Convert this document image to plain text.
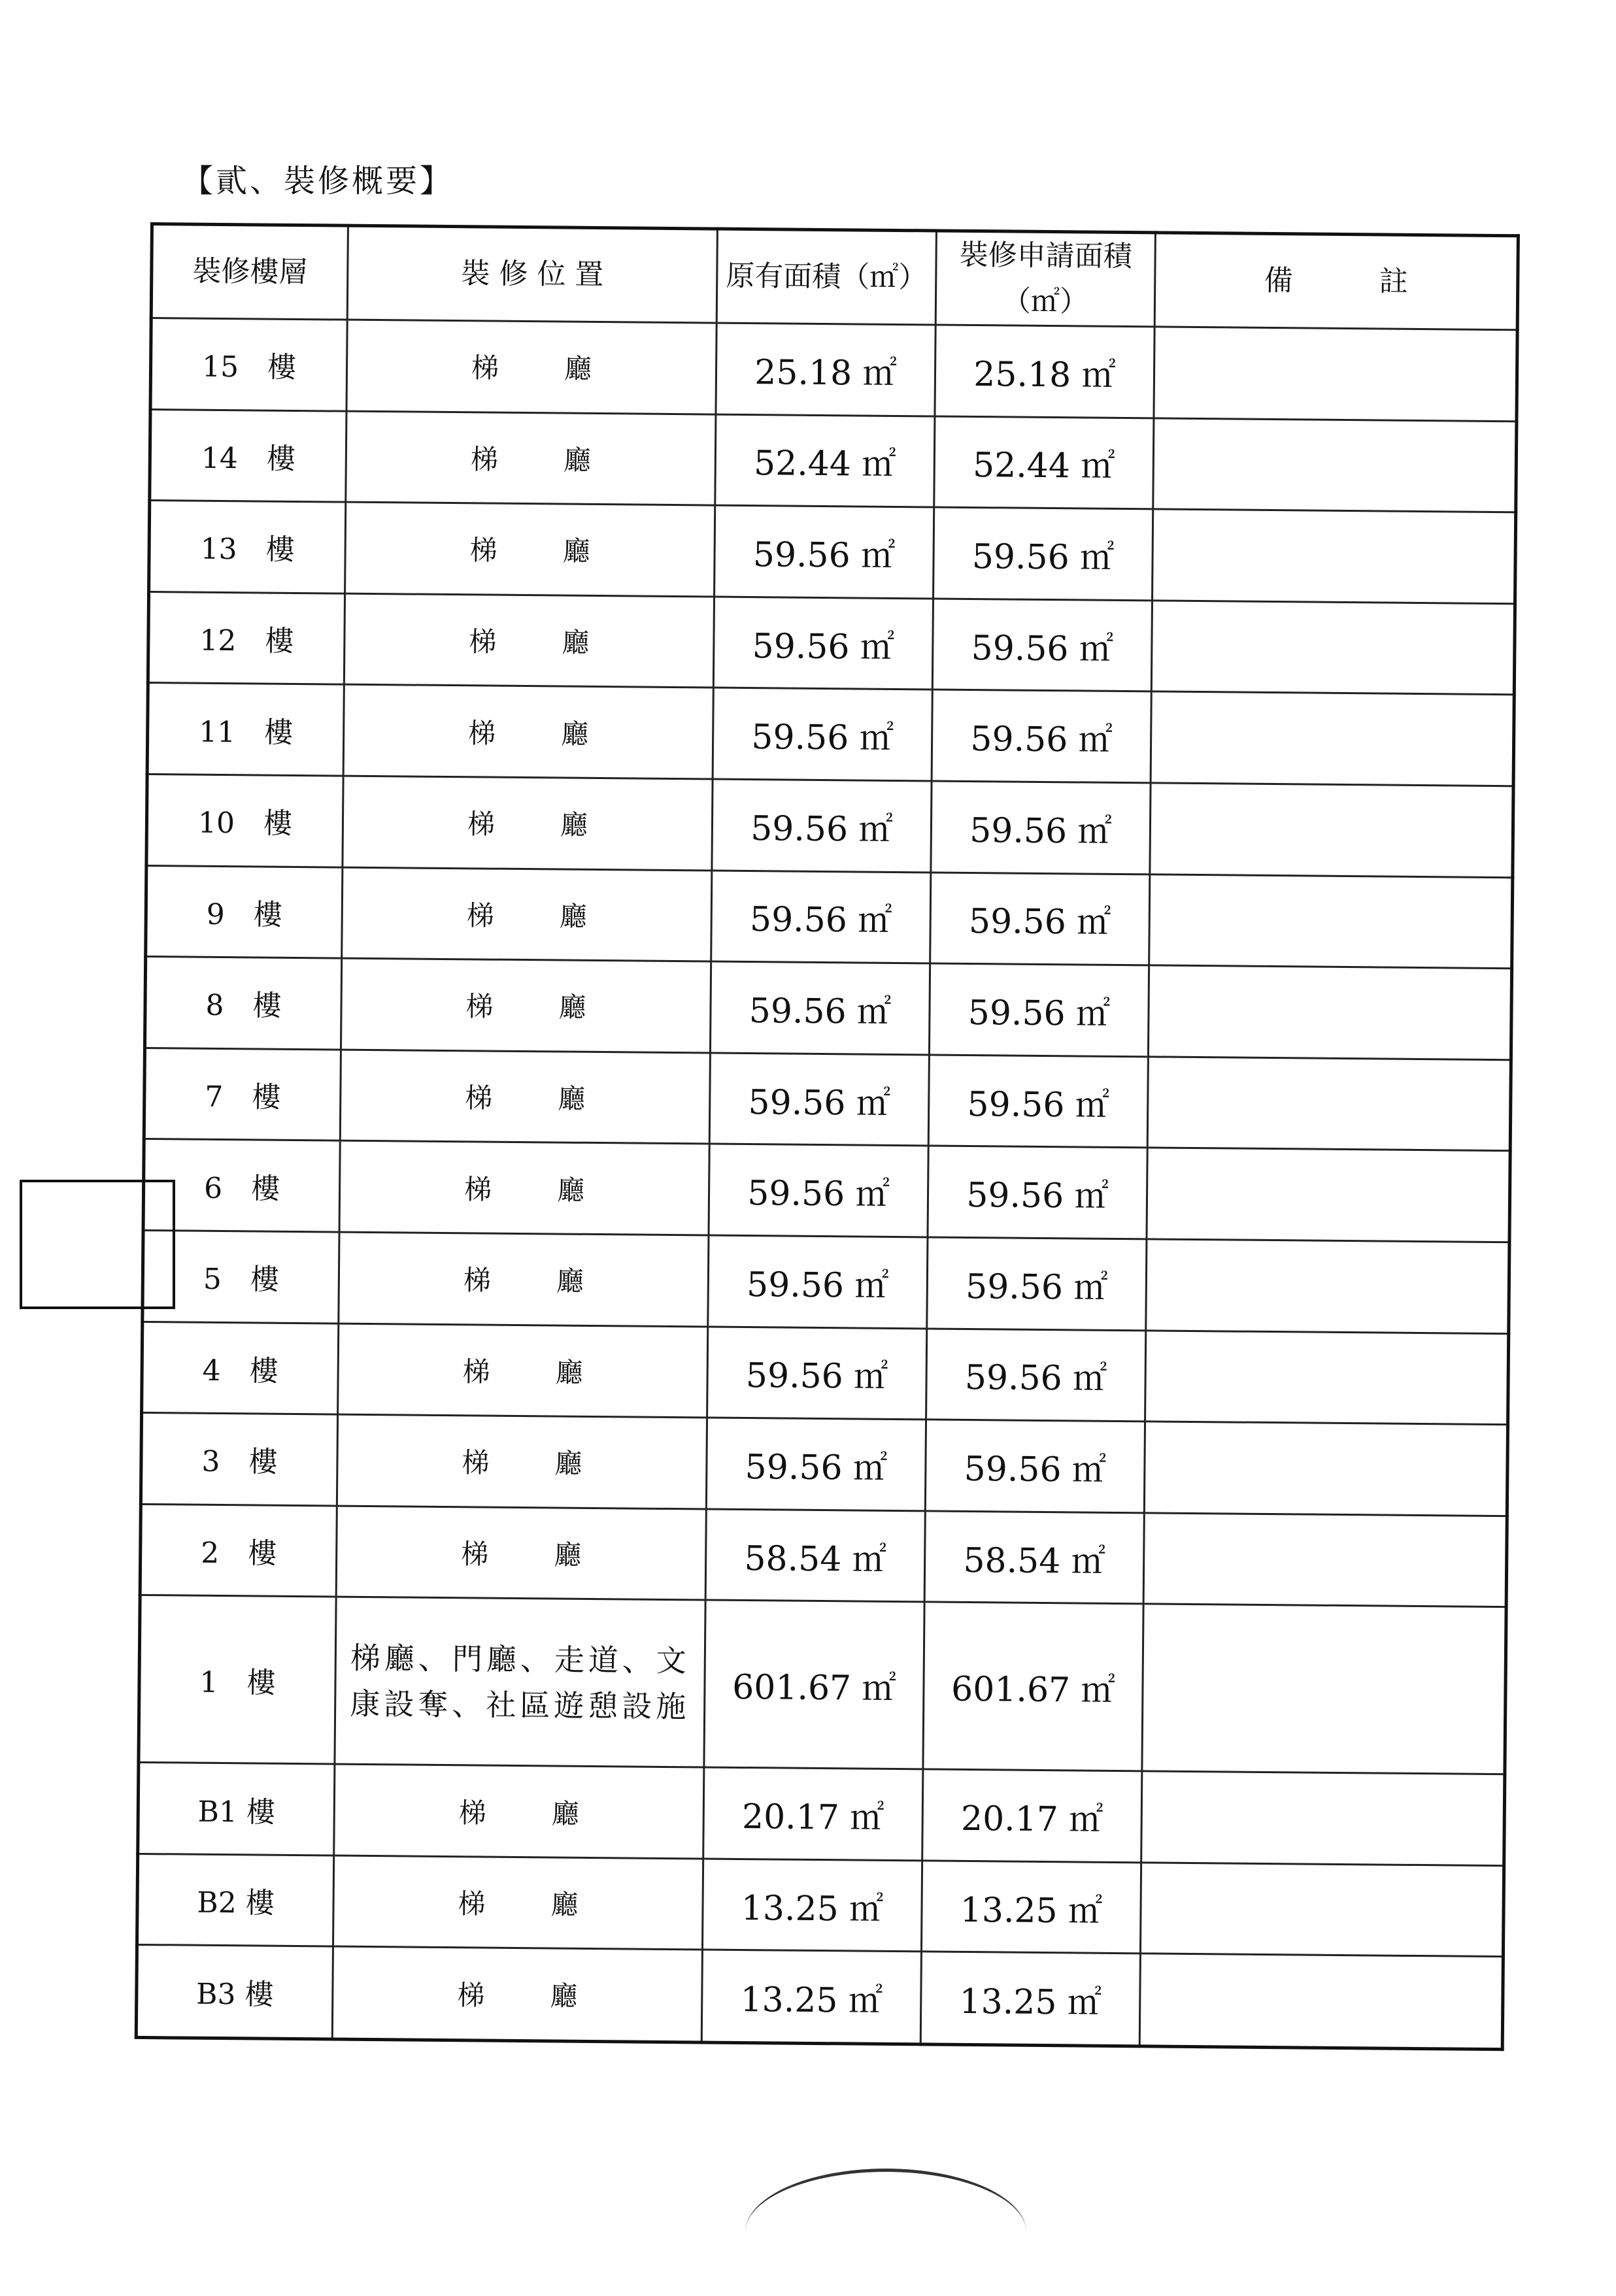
【貳、裝修概要】
裝修樓層	裝 修 位 置	原有面積（㎡）	裝修申請面積（㎡）	備　　　註
15　樓	梯廳	25.18 ㎡	25.18 ㎡	
14　樓	梯廳	52.44 ㎡	52.44 ㎡	
13　樓	梯廳	59.56 ㎡	59.56 ㎡	
12　樓	梯廳	59.56 ㎡	59.56 ㎡	
11　樓	梯廳	59.56 ㎡	59.56 ㎡	
10　樓	梯廳	59.56 ㎡	59.56 ㎡	
9　樓	梯廳	59.56 ㎡	59.56 ㎡	
8　樓	梯廳	59.56 ㎡	59.56 ㎡	
7　樓	梯廳	59.56 ㎡	59.56 ㎡	
6　樓	梯廳	59.56 ㎡	59.56 ㎡	
5　樓	梯廳	59.56 ㎡	59.56 ㎡	
4　樓	梯廳	59.56 ㎡	59.56 ㎡	
3　樓	梯廳	59.56 ㎡	59.56 ㎡	
2　樓	梯廳	58.54 ㎡	58.54 ㎡	
1　樓	梯廳、門廳、走道、文康設奪、社區遊憩設施	601.67 ㎡	601.67 ㎡	
B1 樓	梯廳	20.17 ㎡	20.17 ㎡	
B2 樓	梯廳	13.25 ㎡	13.25 ㎡	
B3 樓	梯廳	13.25 ㎡	13.25 ㎡	
